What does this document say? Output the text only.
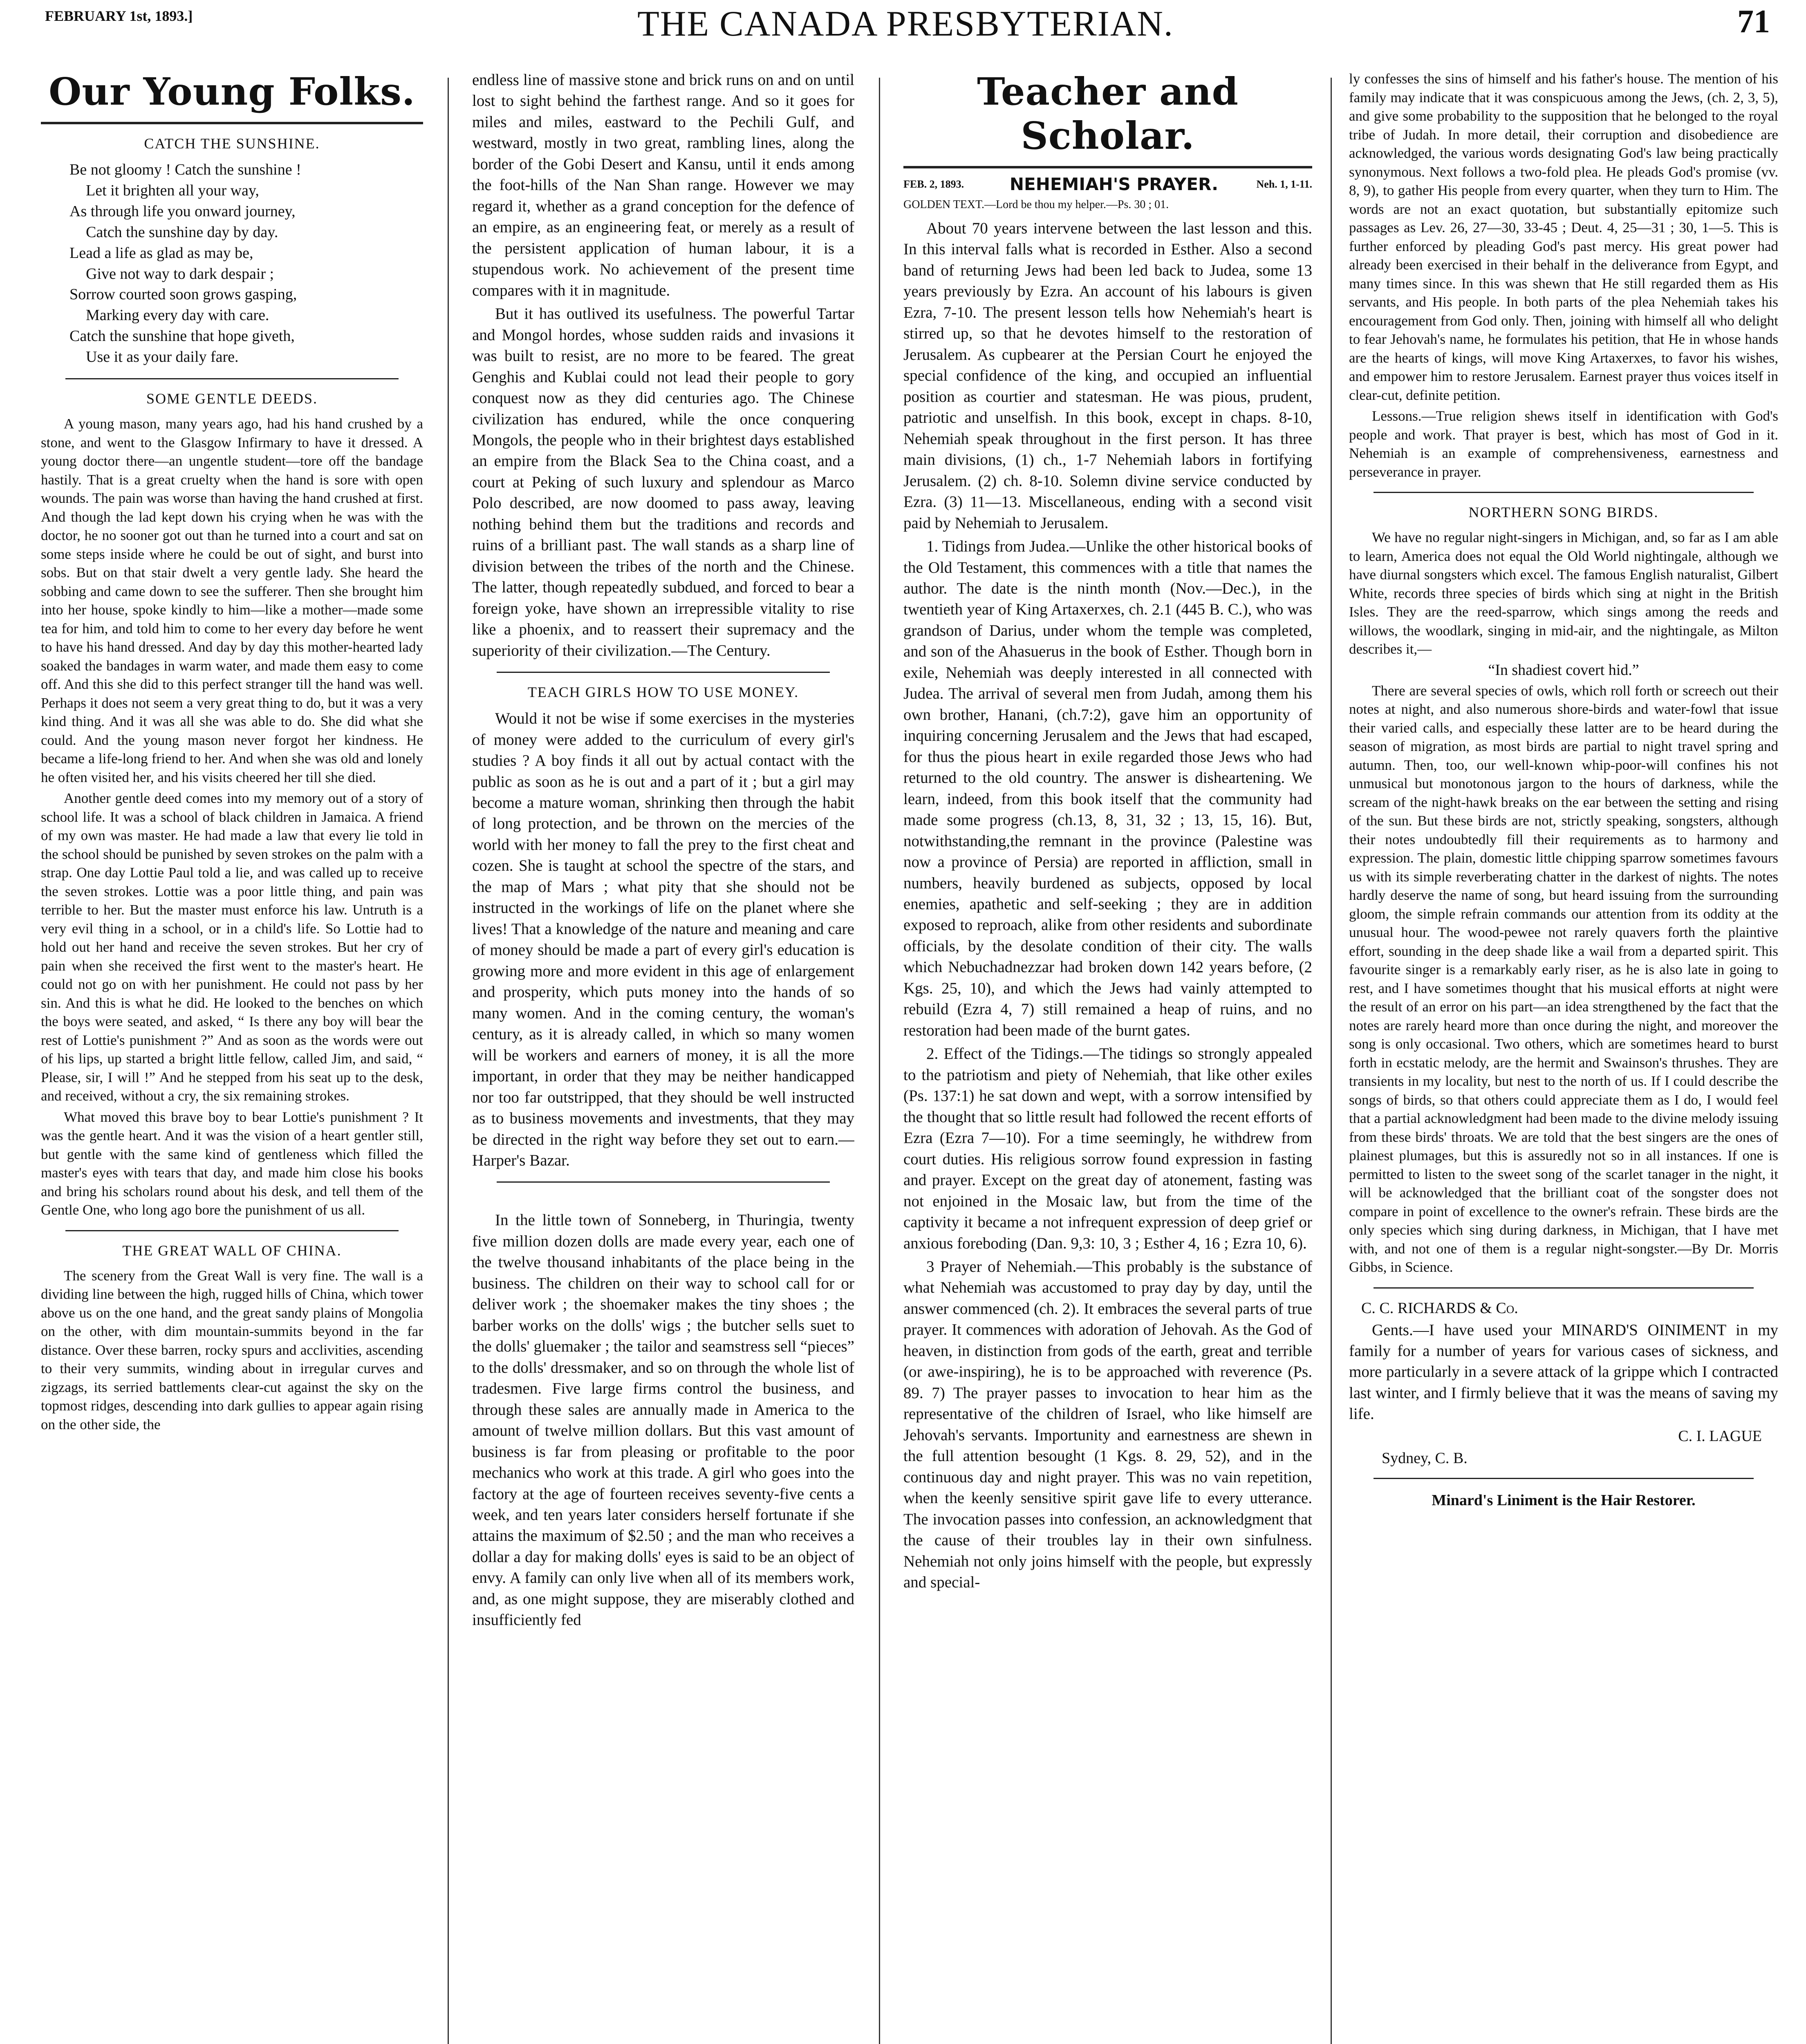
FEBRUARY 1st, 1893.]	THE CANADA PRESBYTERIAN.	71
Our Young Folks.
CATCH THE SUNSHINE.
Be not gloomy ! Catch the sunshine !
Let it brighten all your way,
As through life you onward journey,
Catch the sunshine day by day.
Lead a life as glad as may be,
Give not way to dark despair ;
Sorrow courted soon grows gasping,
Marking every day with care.
Catch the sunshine that hope giveth,
Use it as your daily fare.
SOME GENTLE DEEDS.

A young mason, many years ago, had his hand crushed by a stone, and went to the Glasgow Infirmary to have it dressed. A young doctor there—an ungentle student—tore off the bandage hastily. That is a great cruelty when the hand is sore with open wounds. The pain was worse than having the hand crushed at first. And though the lad kept down his crying when he was with the doctor, he no sooner got out than he turned into a court and sat on some steps inside where he could be out of sight, and burst into sobs. But on that stair dwelt a very gentle lady. She heard the sobbing and came down to see the sufferer. Then she brought him into her house, spoke kindly to him—like a mother—made some tea for him, and told him to come to her every day before he went to have his hand dressed. And day by day this mother-hearted lady soaked the bandages in warm water, and made them easy to come off. And this she did to this perfect stranger till the hand was well. Perhaps it does not seem a very great thing to do, but it was a very kind thing. And it was all she was able to do. She did what she could. And the young mason never forgot her kindness. He became a life-long friend to her. And when she was old and lonely he often visited her, and his visits cheered her till she died.

Another gentle deed comes into my memory out of a story of school life. It was a school of black children in Jamaica. A friend of my own was master. He had made a law that every lie told in the school should be punished by seven strokes on the palm with a strap. One day Lottie Paul told a lie, and was called up to receive the seven strokes. Lottie was a poor little thing, and pain was terrible to her. But the master must enforce his law. Untruth is a very evil thing in a school, or in a child's life. So Lottie had to hold out her hand and receive the seven strokes. But her cry of pain when she received the first went to the master's heart. He could not go on with her punishment. He could not pass by her sin. And this is what he did. He looked to the benches on which the boys were seated, and asked, “ Is there any boy will bear the rest of Lottie's punishment ?” And as soon as the words were out of his lips, up started a bright little fellow, called Jim, and said, “ Please, sir, I will !” And he stepped from his seat up to the desk, and received, without a cry, the six remaining strokes.

What moved this brave boy to bear Lottie's punishment ? It was the gentle heart. And it was the vision of a heart gentler still, but gentle with the same kind of gentleness which filled the master's eyes with tears that day, and made him close his books and bring his scholars round about his desk, and tell them of the Gentle One, who long ago bore the punishment of us all.

THE GREAT WALL OF CHINA.

The scenery from the Great Wall is very fine. The wall is a dividing line between the high, rugged hills of China, which tower above us on the one hand, and the great sandy plains of Mongolia on the other, with dim mountain-summits beyond in the far distance. Over these barren, rocky spurs and acclivities, ascending to their very summits, winding about in irregular curves and zigzags, its serried battlements clear-cut against the sky on the topmost ridges, descending into dark gullies to appear again rising on the other side, the

endless line of massive stone and brick runs on and on until lost to sight behind the farthest range. And so it goes for miles and miles, eastward to the Pechili Gulf, and westward, mostly in two great, rambling lines, along the border of the Gobi Desert and Kansu, until it ends among the foot-hills of the Nan Shan range. However we may regard it, whether as a grand conception for the defence of an empire, as an engineering feat, or merely as a result of the persistent application of human labour, it is a stupendous work. No achievement of the present time compares with it in magnitude.

But it has outlived its usefulness. The powerful Tartar and Mongol hordes, whose sudden raids and invasions it was built to resist, are no more to be feared. The great Genghis and Kublai could not lead their people to gory conquest now as they did centuries ago. The Chinese civilization has endured, while the once conquering Mongols, the people who in their brightest days established an empire from the Black Sea to the China coast, and a court at Peking of such luxury and splendour as Marco Polo described, are now doomed to pass away, leaving nothing behind them but the traditions and records and ruins of a brilliant past. The wall stands as a sharp line of division between the tribes of the north and the Chinese. The latter, though repeatedly subdued, and forced to bear a foreign yoke, have shown an irrepressible vitality to rise like a phoenix, and to reassert their supremacy and the superiority of their civilization.—The Century.

TEACH GIRLS HOW TO USE MONEY.

Would it not be wise if some exercises in the mysteries of money were added to the curriculum of every girl's studies ? A boy finds it all out by actual contact with the public as soon as he is out and a part of it ; but a girl may become a mature woman, shrinking then through the habit of long protection, and be thrown on the mercies of the world with her money to fall the prey to the first cheat and cozen. She is taught at school the spectre of the stars, and the map of Mars ; what pity that she should not be instructed in the workings of life on the planet where she lives! That a knowledge of the nature and meaning and care of money should be made a part of every girl's education is growing more and more evident in this age of enlargement and prosperity, which puts money into the hands of so many women. And in the coming century, the woman's century, as it is already called, in which so many women will be workers and earners of money, it is all the more important, in order that they may be neither handicapped nor too far outstripped, that they should be well instructed as to business movements and investments, that they may be directed in the right way before they set out to earn.—Harper's Bazar.

In the little town of Sonneberg, in Thuringia, twenty five million dozen dolls are made every year, each one of the twelve thousand inhabitants of the place being in the business. The children on their way to school call for or deliver work ; the shoemaker makes the tiny shoes ; the barber works on the dolls' wigs ; the butcher sells suet to the dolls' gluemaker ; the tailor and seamstress sell “pieces” to the dolls' dressmaker, and so on through the whole list of tradesmen. Five large firms control the business, and through these sales are annually made in America to the amount of twelve million dollars. But this vast amount of business is far from pleasing or profitable to the poor mechanics who work at this trade. A girl who goes into the factory at the age of fourteen receives seventy-five cents a week, and ten years later considers herself fortunate if she attains the maximum of $2.50 ; and the man who receives a dollar a day for making dolls' eyes is said to be an object of envy. A family can only live when all of its members work, and, as one might suppose, they are miserably clothed and insufficiently fed

Teacher and Scholar.
FEB. 2, 1893.	NEHEMIAH'S PRAYER.	Neh. 1, 1-11.
GOLDEN TEXT.—Lord be thou my helper.—Ps. 30 ; 01.

About 70 years intervene between the last lesson and this. In this interval falls what is recorded in Esther. Also a second band of returning Jews had been led back to Judea, some 13 years previously by Ezra. An account of his labours is given Ezra, 7-10. The present lesson tells how Nehemiah's heart is stirred up, so that he devotes himself to the restoration of Jerusalem. As cupbearer at the Persian Court he enjoyed the special confidence of the king, and occupied an influential position as courtier and statesman. He was pious, prudent, patriotic and unselfish. In this book, except in chaps. 8-10, Nehemiah speak throughout in the first person. It has three main divisions, (1) ch., 1-7 Nehemiah labors in fortifying Jerusalem. (2) ch. 8-10. Solemn divine service conducted by Ezra. (3) 11—13. Miscellaneous, ending with a second visit paid by Nehemiah to Jerusalem.

1. Tidings from Judea.—Unlike the other historical books of the Old Testament, this commences with a title that names the author. The date is the ninth month (Nov.—Dec.), in the twentieth year of King Artaxerxes, ch. 2.1 (445 B. C.), who was grandson of Darius, under whom the temple was completed, and son of the Ahasuerus in the book of Esther. Though born in exile, Nehemiah was deeply interested in all connected with Judea. The arrival of several men from Judah, among them his own brother, Hanani, (ch.7:2), gave him an opportunity of inquiring concerning Jerusalem and the Jews that had escaped, for thus the pious heart in exile regarded those Jews who had returned to the old country. The answer is disheartening. We learn, indeed, from this book itself that the community had made some progress (ch.13, 8, 31, 32 ; 13, 15, 16). But, notwithstanding,the remnant in the province (Palestine was now a province of Persia) are reported in affliction, small in numbers, heavily burdened as subjects, opposed by local enemies, apathetic and self-seeking ; they are in addition exposed to reproach, alike from other residents and subordinate officials, by the desolate condition of their city. The walls which Nebuchadnezzar had broken down 142 years before, (2 Kgs. 25, 10), and which the Jews had vainly attempted to rebuild (Ezra 4, 7) still remained a heap of ruins, and no restoration had been made of the burnt gates.

2. Effect of the Tidings.—The tidings so strongly appealed to the patriotism and piety of Nehemiah, that like other exiles (Ps. 137:1) he sat down and wept, with a sorrow intensified by the thought that so little result had followed the recent efforts of Ezra (Ezra 7—10). For a time seemingly, he withdrew from court duties. His religious sorrow found expression in fasting and prayer. Except on the great day of atonement, fasting was not enjoined in the Mosaic law, but from the time of the captivity it became a not infrequent expression of deep grief or anxious foreboding (Dan. 9,3: 10, 3 ; Esther 4, 16 ; Ezra 10, 6).

3 Prayer of Nehemiah.—This probably is the substance of what Nehemiah was accustomed to pray day by day, until the answer commenced (ch. 2). It embraces the several parts of true prayer. It commences with adoration of Jehovah. As the God of heaven, in distinction from gods of the earth, great and terrible (or awe-inspiring), he is to be approached with reverence (Ps. 89. 7) The prayer passes to invocation to hear him as the representative of the children of Israel, who like himself are Jehovah's servants. Importunity and earnestness are shewn in the full attention besought (1 Kgs. 8. 29, 52), and in the continuous day and night prayer. This was no vain repetition, when the keenly sensitive spirit gave life to every utterance. The invocation passes into confession, an acknowledgment that the cause of their troubles lay in their own sinfulness. Nehemiah not only joins himself with the people, but expressly and special-

ly confesses the sins of himself and his father's house. The mention of his family may indicate that it was conspicuous among the Jews, (ch. 2, 3, 5), and give some probability to the supposition that he belonged to the royal tribe of Judah. In more detail, their corruption and disobedience are acknowledged, the various words designating God's law being practically synonymous. Next follows a two-fold plea. He pleads God's promise (vv. 8, 9), to gather His people from every quarter, when they turn to Him. The words are not an exact quotation, but substantially epitomize such passages as Lev. 26, 27—30, 33-45 ; Deut. 4, 25—31 ; 30, 1—5. This is further enforced by pleading God's past mercy. His great power had already been exercised in their behalf in the deliverance from Egypt, and many times since. In this was shewn that He still regarded them as His servants, and His people. In both parts of the plea Nehemiah takes his encouragement from God only. Then, joining with himself all who delight to fear Jehovah's name, he formulates his petition, that He in whose hands are the hearts of kings, will move King Artaxerxes, to favor his wishes, and empower him to restore Jerusalem. Earnest prayer thus voices itself in clear-cut, definite petition.

Lessons.—True religion shews itself in identification with God's people and work. That prayer is best, which has most of God in it. Nehemiah is an example of comprehensiveness, earnestness and perseverance in prayer.

NORTHERN SONG BIRDS.

We have no regular night-singers in Michigan, and, so far as I am able to learn, America does not equal the Old World nightingale, although we have diurnal songsters which excel. The famous English naturalist, Gilbert White, records three species of birds which sing at night in the British Isles. They are the reed-sparrow, which sings among the reeds and willows, the woodlark, singing in mid-air, and the nightingale, as Milton describes it,—

“In shadiest covert hid.”

There are several species of owls, which roll forth or screech out their notes at night, and also numerous shore-birds and water-fowl that issue their varied calls, and especially these latter are to be heard during the season of migration, as most birds are partial to night travel spring and autumn. Then, too, our well-known whip-poor-will confines his not unmusical but monotonous jargon to the hours of darkness, while the scream of the night-hawk breaks on the ear between the setting and rising of the sun. But these birds are not, strictly speaking, songsters, although their notes undoubtedly fill their requirements as to harmony and expression. The plain, domestic little chipping sparrow sometimes favours us with its simple reverberating chatter in the darkest of nights. The notes hardly deserve the name of song, but heard issuing from the surrounding gloom, the simple refrain commands our attention from its oddity at the unusual hour. The wood-pewee not rarely quavers forth the plaintive effort, sounding in the deep shade like a wail from a departed spirit. This favourite singer is a remarkably early riser, as he is also late in going to rest, and I have sometimes thought that his musical efforts at night were the result of an error on his part—an idea strengthened by the fact that the notes are rarely heard more than once during the night, and moreover the song is only occasional. Two others, which are sometimes heard to burst forth in ecstatic melody, are the hermit and Swainson's thrushes. They are transients in my locality, but nest to the north of us. If I could describe the songs of birds, so that others could appreciate them as I do, I would feel that a partial acknowledgment had been made to the divine melody issuing from these birds' throats. We are told that the best singers are the ones of plainest plumages, but this is assuredly not so in all instances. If one is permitted to listen to the sweet song of the scarlet tanager in the night, it will be acknowledged that the brilliant coat of the songster does not compare in point of excellence to the owner's refrain. These birds are the only species which sing during darkness, in Michigan, that I have met with, and not one of them is a regular night-songster.—By Dr. Morris Gibbs, in Science.

C. C. RICHARDS & Co.

Gents.—I have used your MINARD'S OINIMENT in my family for a number of years for various cases of sickness, and more particularly in a severe attack of la grippe which I contracted last winter, and I firmly believe that it was the means of saving my life.

C. I. LAGUE
Sydney, C. B.
Minard's Liniment is the Hair Restorer.
